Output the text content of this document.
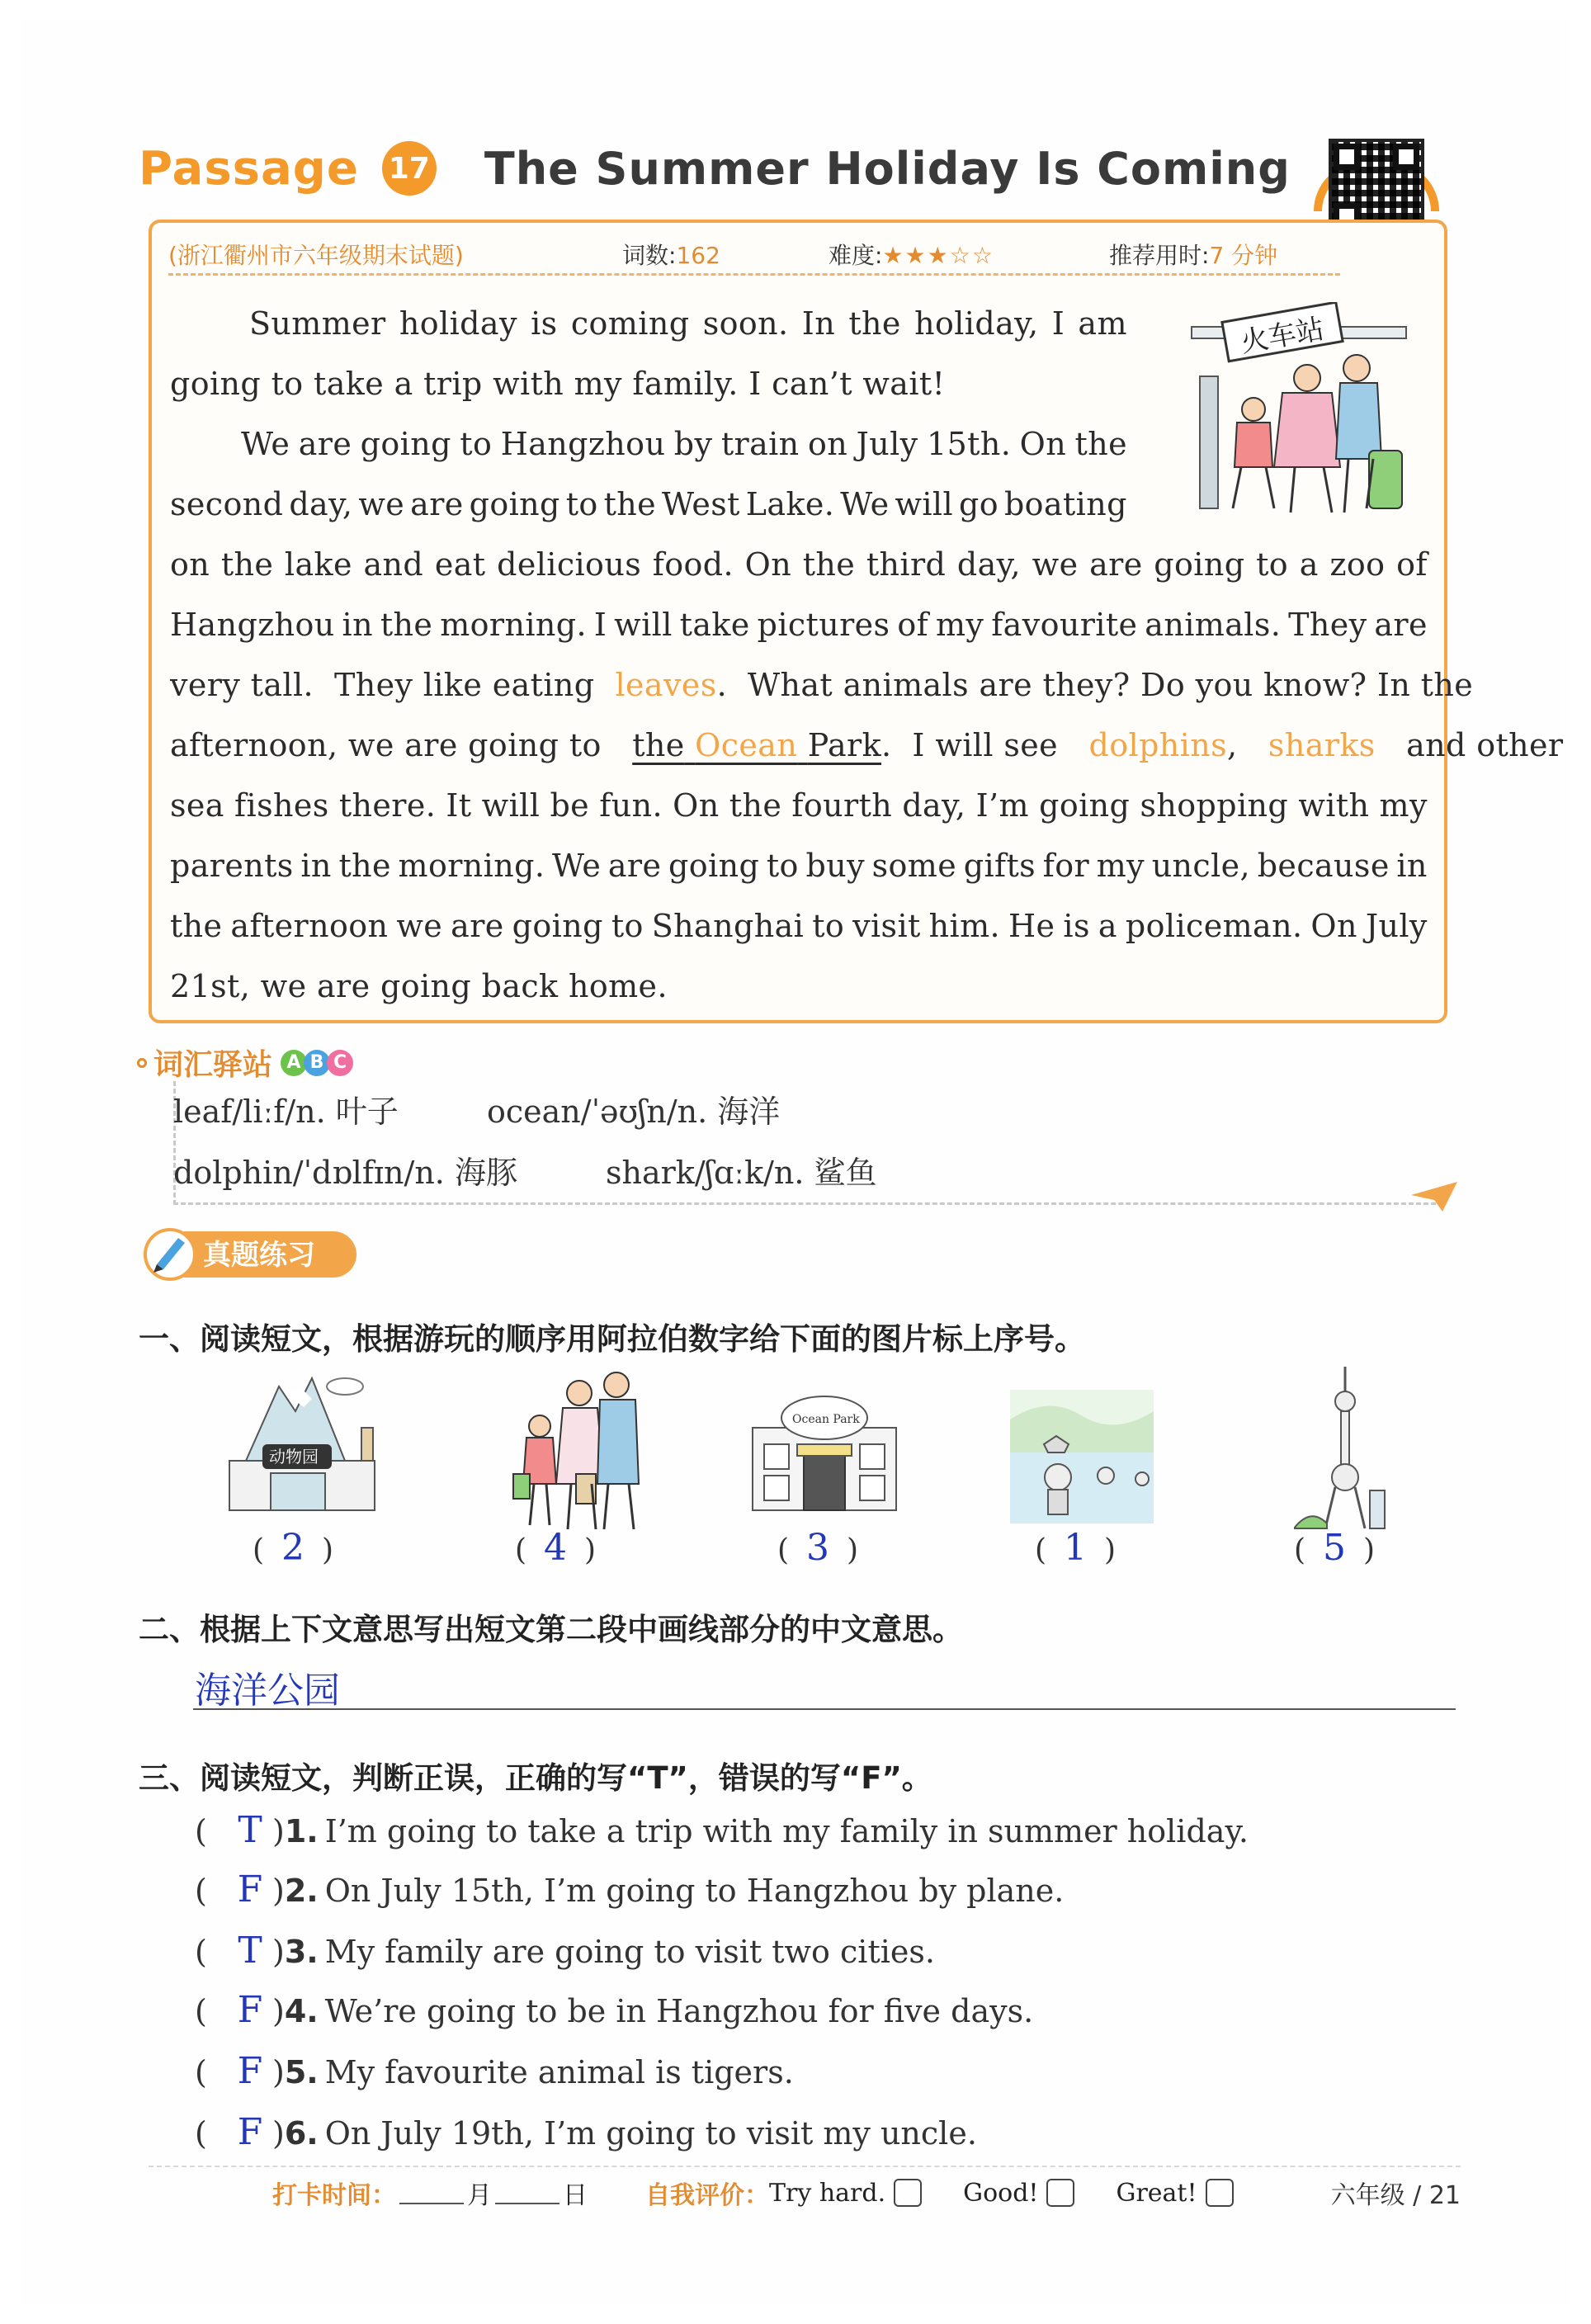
Passage 17 The Summer Holiday Is Coming
(浙江衢州市六年级期末试题)	词数:162	难度:★★★☆☆	推荐用时:7 分钟
火车站
Summer holiday is coming soon. In the holiday, I am
going to take a trip with my family. I can’t wait!
We are going to Hangzhou by train on July 15th. On the
second day, we are going to the West Lake. We will go boating
on the lake and eat delicious food. On the third day, we are going to a zoo of
Hangzhou in the morning. I will take pictures of my favourite animals. They are
very tall.
They like eating
leaves .  What animals are they? Do you know? In the
afternoon, we are going to
the Ocean Park .  I will see
dolphins ,
sharks
and other
sea fishes there. It will be fun. On the fourth day, I’m going shopping with my
parents in the morning. We are going to buy some gifts for my uncle, because in
the afternoon we are going to Shanghai to visit him. He is a policeman. On July
21st, we are going back home.
词汇驿站 A B C
leaf/liːf/n. 叶子	ocean/ˈəʊʃn/n. 海洋
dolphin/ˈdɒlfɪn/n. 海豚	shark/ʃɑːk/n. 鲨鱼
真题练习
一、阅读短文，根据游玩的顺序用阿拉伯数字给下面的图片标上序号。
动物园
Ocean Park
( 2 )	( 4 )	( 3 )	( 1 )	( 5 )
二、根据上下文意思写出短文第二段中画线部分的中文意思。
海洋公园
三、阅读短文，判断正误，正确的写“T”，错误的写“F”。
( T ) 1. I’m going to take a trip with my family in summer holiday.
( F ) 2. On July 15th, I’m going to Hangzhou by plane.
( T ) 3. My family are going to visit two cities.
( F ) 4. We’re going to be in Hangzhou for five days.
( F ) 5. My favourite animal is tigers.
( F ) 6. On July 19th, I’m going to visit my uncle.
打卡时间：	月	日 自我评价： Try hard.	Good!	Great!	六年级 / 21
